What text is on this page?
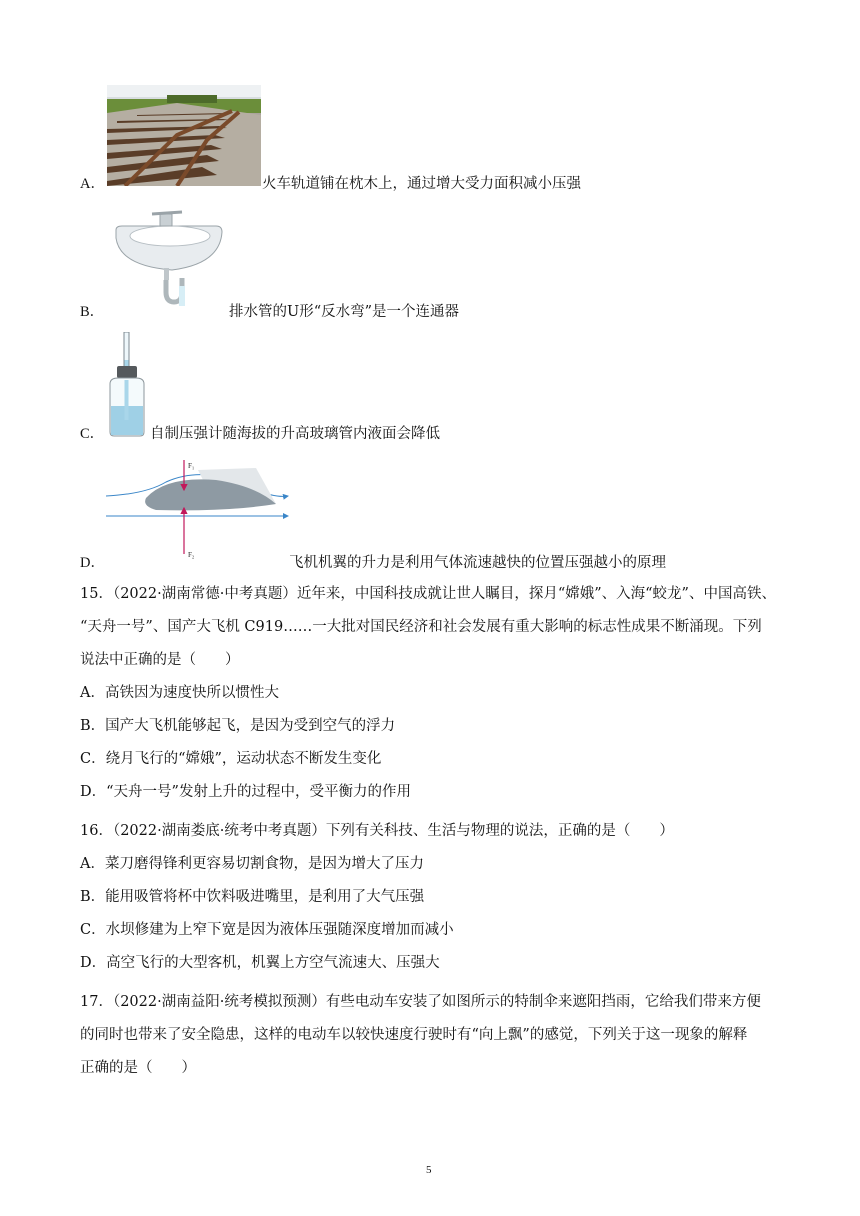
A．	火车轨道铺在枕木上，通过增大受力面积减小压强
B．	排水管的U形“反水弯”是一个连通器
C．	自制压强计随海拔的升高玻璃管内液面会降低
F₁
F₂
D．	飞机机翼的升力是利用气体流速越快的位置压强越小的原理
15．（2022·湖南常德·中考真题）近年来，中国科技成就让世人瞩目，探月“嫦娥”、入海“蛟龙”、中国高铁、
“天舟一号”、国产大飞机 C919……一大批对国民经济和社会发展有重大影响的标志性成果不断涌现。下列
说法中正确的是（　　）
A．高铁因为速度快所以惯性大
B．国产大飞机能够起飞，是因为受到空气的浮力
C．绕月飞行的“嫦娥”，运动状态不断发生变化
D．“天舟一号”发射上升的过程中，受平衡力的作用
16．（2022·湖南娄底·统考中考真题）下列有关科技、生活与物理的说法，正确的是（　　）
A．菜刀磨得锋利更容易切割食物，是因为增大了压力
B．能用吸管将杯中饮料吸进嘴里，是利用了大气压强
C．水坝修建为上窄下宽是因为液体压强随深度增加而减小
D．高空飞行的大型客机，机翼上方空气流速大、压强大
17．（2022·湖南益阳·统考模拟预测）有些电动车安装了如图所示的特制伞来遮阳挡雨，它给我们带来方便
的同时也带来了安全隐患，这样的电动车以较快速度行驶时有“向上飘”的感觉，下列关于这一现象的解释
正确的是（　　）
5
